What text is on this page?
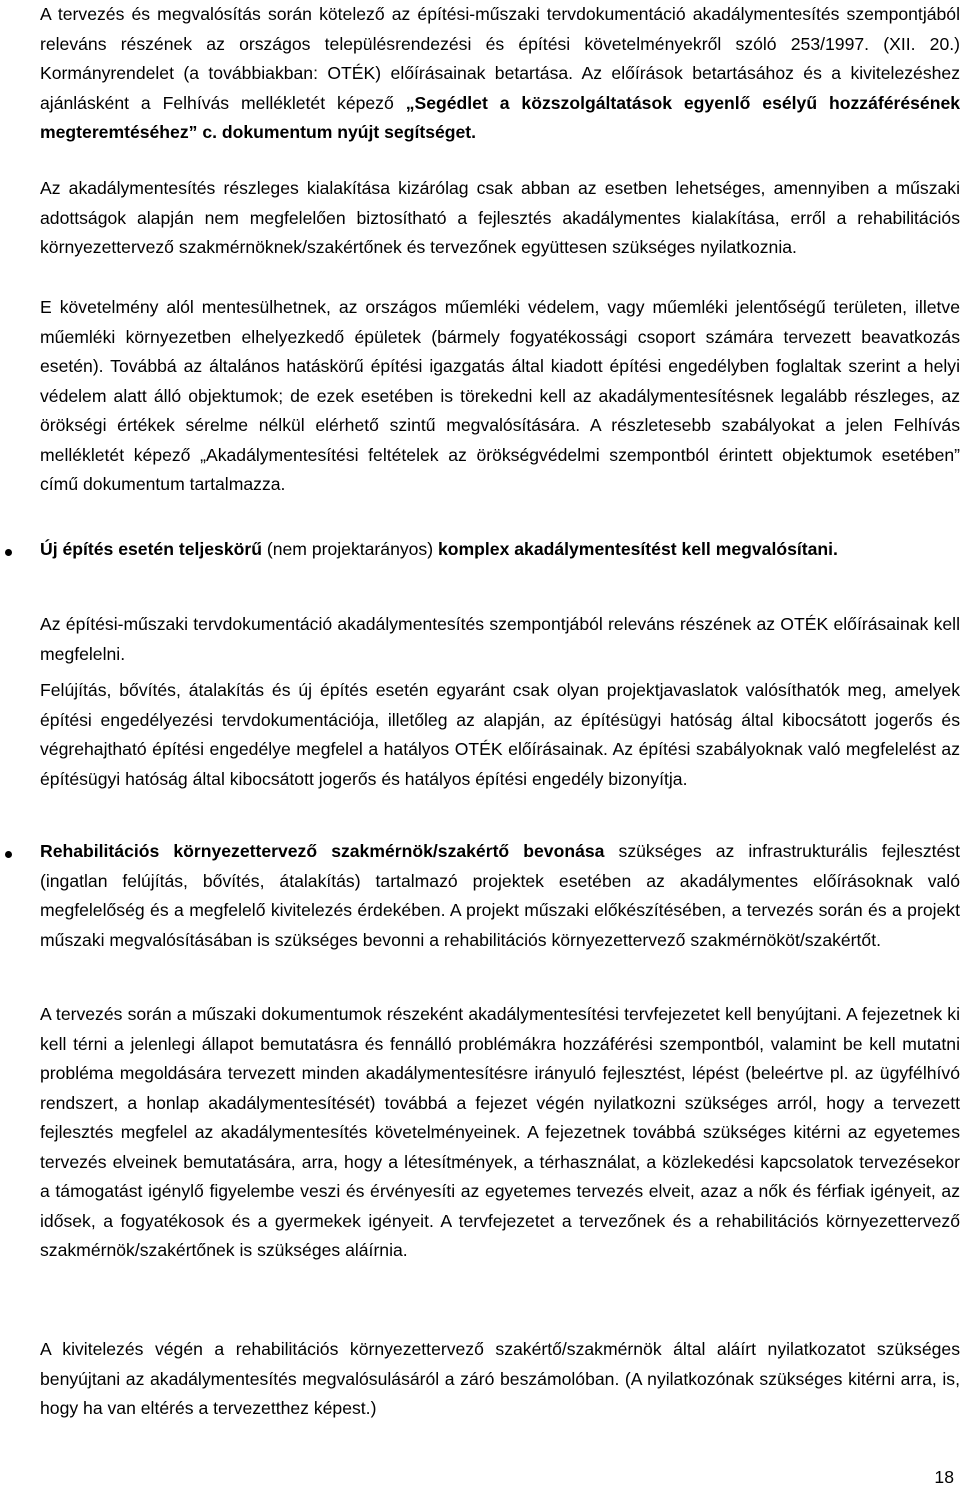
A tervezés és megvalósítás során kötelező az építési-műszaki tervdokumentáció akadálymentesítés szempontjából releváns részének az országos településrendezési és építési követelményekről szóló 253/1997. (XII. 20.) Kormányrendelet (a továbbiakban: OTÉK) előírásainak betartása. Az előírások betartásához és a kivitelezéshez ajánlásként a Felhívás mellékletét képező „Segédlet a közszolgáltatások egyenlő esélyű hozzáférésének megteremtéséhez” c. dokumentum nyújt segítséget.

Az akadálymentesítés részleges kialakítása kizárólag csak abban az esetben lehetséges, amennyiben a műszaki adottságok alapján nem megfelelően biztosítható a fejlesztés akadálymentes kialakítása, erről a rehabilitációs környezettervező szakmérnöknek/szakértőnek és tervezőnek együttesen szükséges nyilatkoznia.

E követelmény alól mentesülhetnek, az országos műemléki védelem, vagy műemléki jelentőségű területen, illetve műemléki környezetben elhelyezkedő épületek (bármely fogyatékossági csoport számára tervezett beavatkozás esetén). Továbbá az általános hatáskörű építési igazgatás által kiadott építési engedélyben foglaltak szerint a helyi védelem alatt álló objektumok; de ezek esetében is törekedni kell az akadálymentesítésnek legalább részleges, az örökségi értékek sérelme nélkül elérhető szintű megvalósítására. A részletesebb szabályokat a jelen Felhívás mellékletét képező „Akadálymentesítési feltételek az örökségvédelmi szempontból érintett objektumok esetében” című dokumentum tartalmazza.

Új építés esetén teljeskörű (nem projektarányos) komplex akadálymentesítést kell megvalósítani.

Az építési-műszaki tervdokumentáció akadálymentesítés szempontjából releváns részének az OTÉK előírásainak kell megfelelni.

Felújítás, bővítés, átalakítás és új építés esetén egyaránt csak olyan projektjavaslatok valósíthatók meg, amelyek építési engedélyezési tervdokumentációja, illetőleg az alapján, az építésügyi hatóság által kibocsátott jogerős és végrehajtható építési engedélye megfelel a hatályos OTÉK előírásainak. Az építési szabályoknak való megfelelést az építésügyi hatóság által kibocsátott jogerős és hatályos építési engedély bizonyítja.

Rehabilitációs környezettervező szakmérnök/szakértő bevonása szükséges az infrastrukturális fejlesztést (ingatlan felújítás, bővítés, átalakítás) tartalmazó projektek esetében az akadálymentes előírásoknak való megfelelőség és a megfelelő kivitelezés érdekében. A projekt műszaki előkészítésében, a tervezés során és a projekt műszaki megvalósításában is szükséges bevonni a rehabilitációs környezettervező szakmérnököt/szakértőt.

A tervezés során a műszaki dokumentumok részeként akadálymentesítési tervfejezetet kell benyújtani. A fejezetnek ki kell térni a jelenlegi állapot bemutatásra és fennálló problémákra hozzáférési szempontból, valamint be kell mutatni probléma megoldására tervezett minden akadálymentesítésre irányuló fejlesztést, lépést (beleértve pl. az ügyfélhívó rendszert, a honlap akadálymentesítését) továbbá a fejezet végén nyilatkozni szükséges arról, hogy a tervezett fejlesztés megfelel az akadálymentesítés követelményeinek. A fejezetnek továbbá szükséges kitérni az egyetemes tervezés elveinek bemutatására, arra, hogy a létesítmények, a térhasználat, a közlekedési kapcsolatok tervezésekor a támogatást igénylő figyelembe veszi és érvényesíti az egyetemes tervezés elveit, azaz a nők és férfiak igényeit, az idősek, a fogyatékosok és a gyermekek igényeit. A tervfejezetet a tervezőnek és a rehabilitációs környezettervező szakmérnök/szakértőnek is szükséges aláírnia.

A kivitelezés végén a rehabilitációs környezettervező szakértő/szakmérnök által aláírt nyilatkozatot szükséges benyújtani az akadálymentesítés megvalósulásáról a záró beszámolóban. (A nyilatkozónak szükséges kitérni arra, is, hogy ha van eltérés a tervezetthez képest.)

18
